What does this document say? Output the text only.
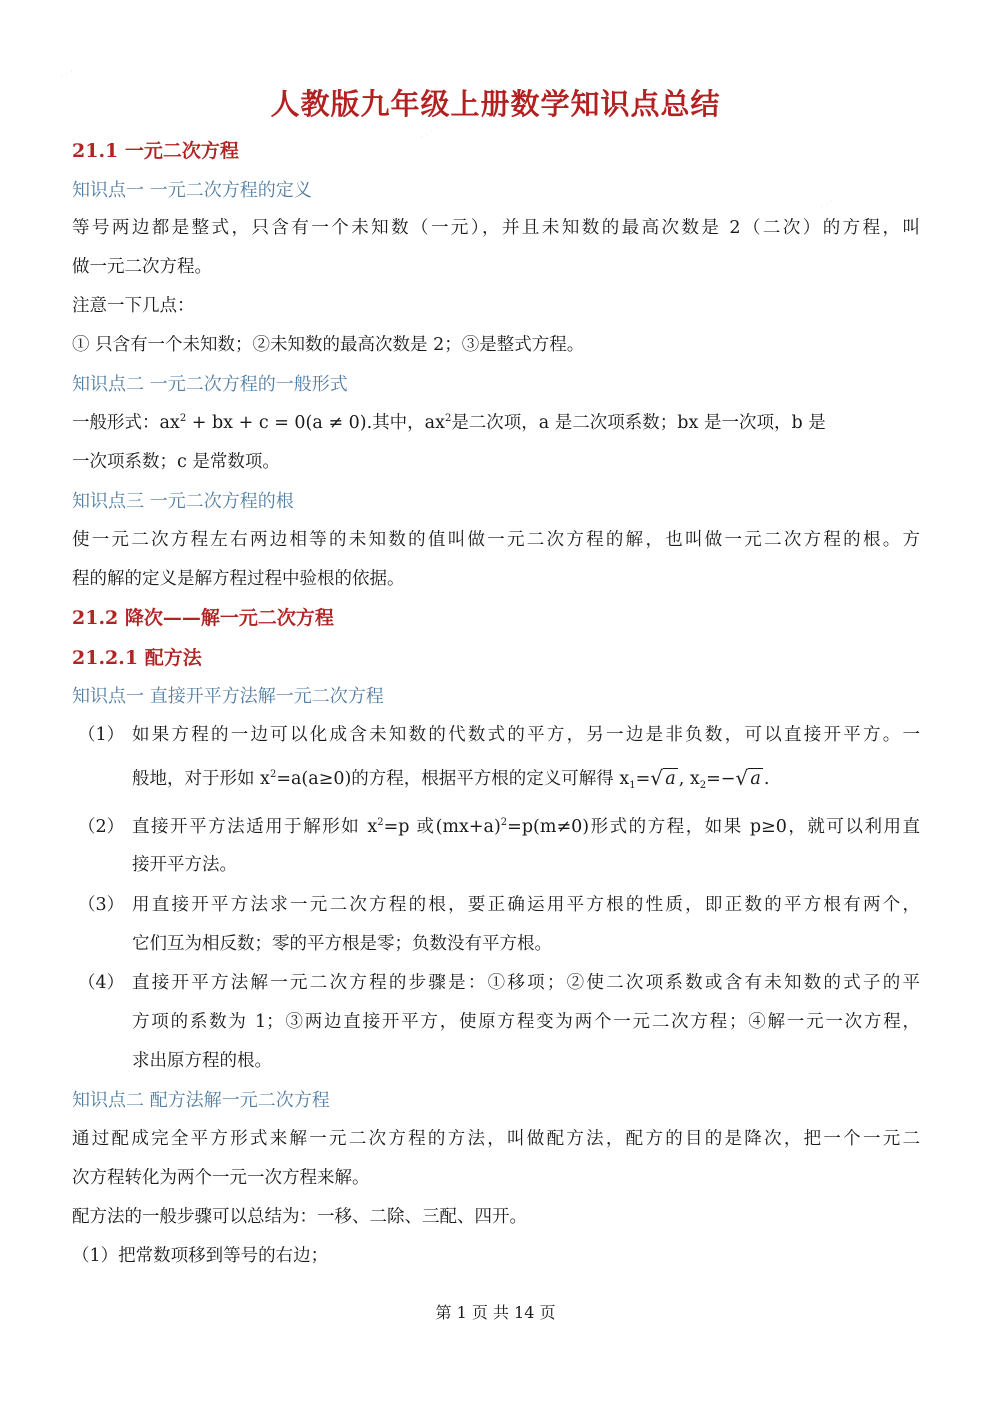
· · ·
· · ·
· · ·
人教版九年级上册数学知识点总结
21.1 一元二次方程
知识点一 一元二次方程的定义
等号两边都是整式，只含有一个未知数（一元），并且未知数的最高次数是 2（二次）的方程，叫
做一元二次方程。
注意一下几点：
① 只含有一个未知数；②未知数的最高次数是 2；③是整式方程。
知识点二 一元二次方程的一般形式
一般形式：$ax^2$ + bx + c = 0(a ≠ 0).其中，$ax^2$是二次项，a 是二次项系数；bx 是一次项，b 是
一次项系数；c 是常数项。
知识点三 一元二次方程的根
使一元二次方程左右两边相等的未知数的值叫做一元二次方程的解，也叫做一元二次方程的根。方
程的解的定义是解方程过程中验根的依据。
21.2 降次——解一元二次方程
21.2.1 配方法
知识点一 直接开平方法解一元二次方程
（1） 如果方程的一边可以化成含未知数的代数式的平方，另一边是非负数，可以直接开平方。一
般地，对于形如 $x^2=a(a\ge 0)$的方程，根据平方根的定义可解得 $x_1=√$ a , $x_2=-√$ a .
（2） 直接开平方法适用于解形如 $x^2=p$ 或$(mx+a)^2=p(m\ne 0)$形式的方程，如果 p≥0，就可以利用直
接开平方法。
（3） 用直接开平方法求一元二次方程的根，要正确运用平方根的性质，即正数的平方根有两个，
它们互为相反数；零的平方根是零；负数没有平方根。
（4） 直接开平方法解一元二次方程的步骤是：①移项；②使二次项系数或含有未知数的式子的平
方项的系数为 1；③两边直接开平方，使原方程变为两个一元二次方程；④解一元一次方程，
求出原方程的根。
知识点二 配方法解一元二次方程
通过配成完全平方形式来解一元二次方程的方法，叫做配方法，配方的目的是降次，把一个一元二
次方程转化为两个一元一次方程来解。
配方法的一般步骤可以总结为：一移、二除、三配、四开。
（1）把常数项移到等号的右边；
第 1 页 共 14 页
